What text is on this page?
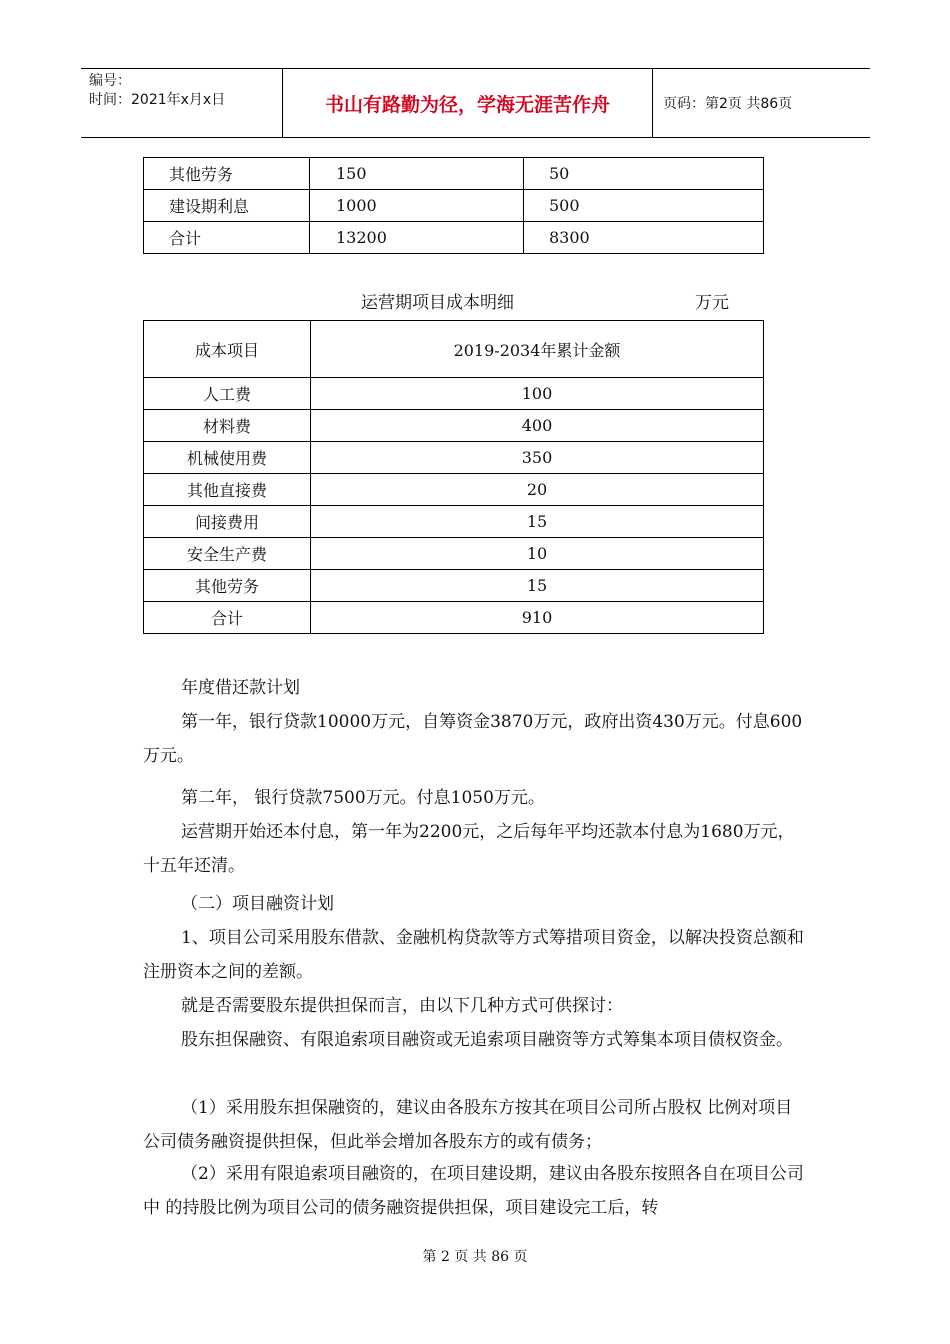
编号：
时间：2021年x月x日	书山有路勤为径，学海无涯苦作舟	页码：第2页 共86页
其他劳务	150	50
建设期利息	1000	500
合计	13200	8300
运营期项目成本明细	万元
成本项目	2019-2034年累计金额
人工费	100
材料费	400
机械使用费	350
其他直接费	20
间接费用	15
安全生产费	10
其他劳务	15
合计	910
年度借还款计划
第一年，银行贷款10000万元，自筹资金3870万元，政府出资430万元。付息600万元。
第二年， 银行贷款7500万元。付息1050万元。
运营期开始还本付息，第一年为2200元，之后每年平均还款本付息为1680万元，十五年还清。
（二）项目融资计划
1、项目公司采用股东借款、金融机构贷款等方式筹措项目资金，以解决投资总额和注册资本之间的差额。
就是否需要股东提供担保而言，由以下几种方式可供探讨：
股东担保融资、有限追索项目融资或无追索项目融资等方式筹集本项目债权资金。
（1）采用股东担保融资的，建议由各股东方按其在项目公司所占股权 比例对项目公司债务融资提供担保，但此举会增加各股东方的或有债务；
（2）采用有限追索项目融资的，在项目建设期，建议由各股东按照各自在项目公司中 的持股比例为项目公司的债务融资提供担保，项目建设完工后，转
第 2 页 共 86 页
